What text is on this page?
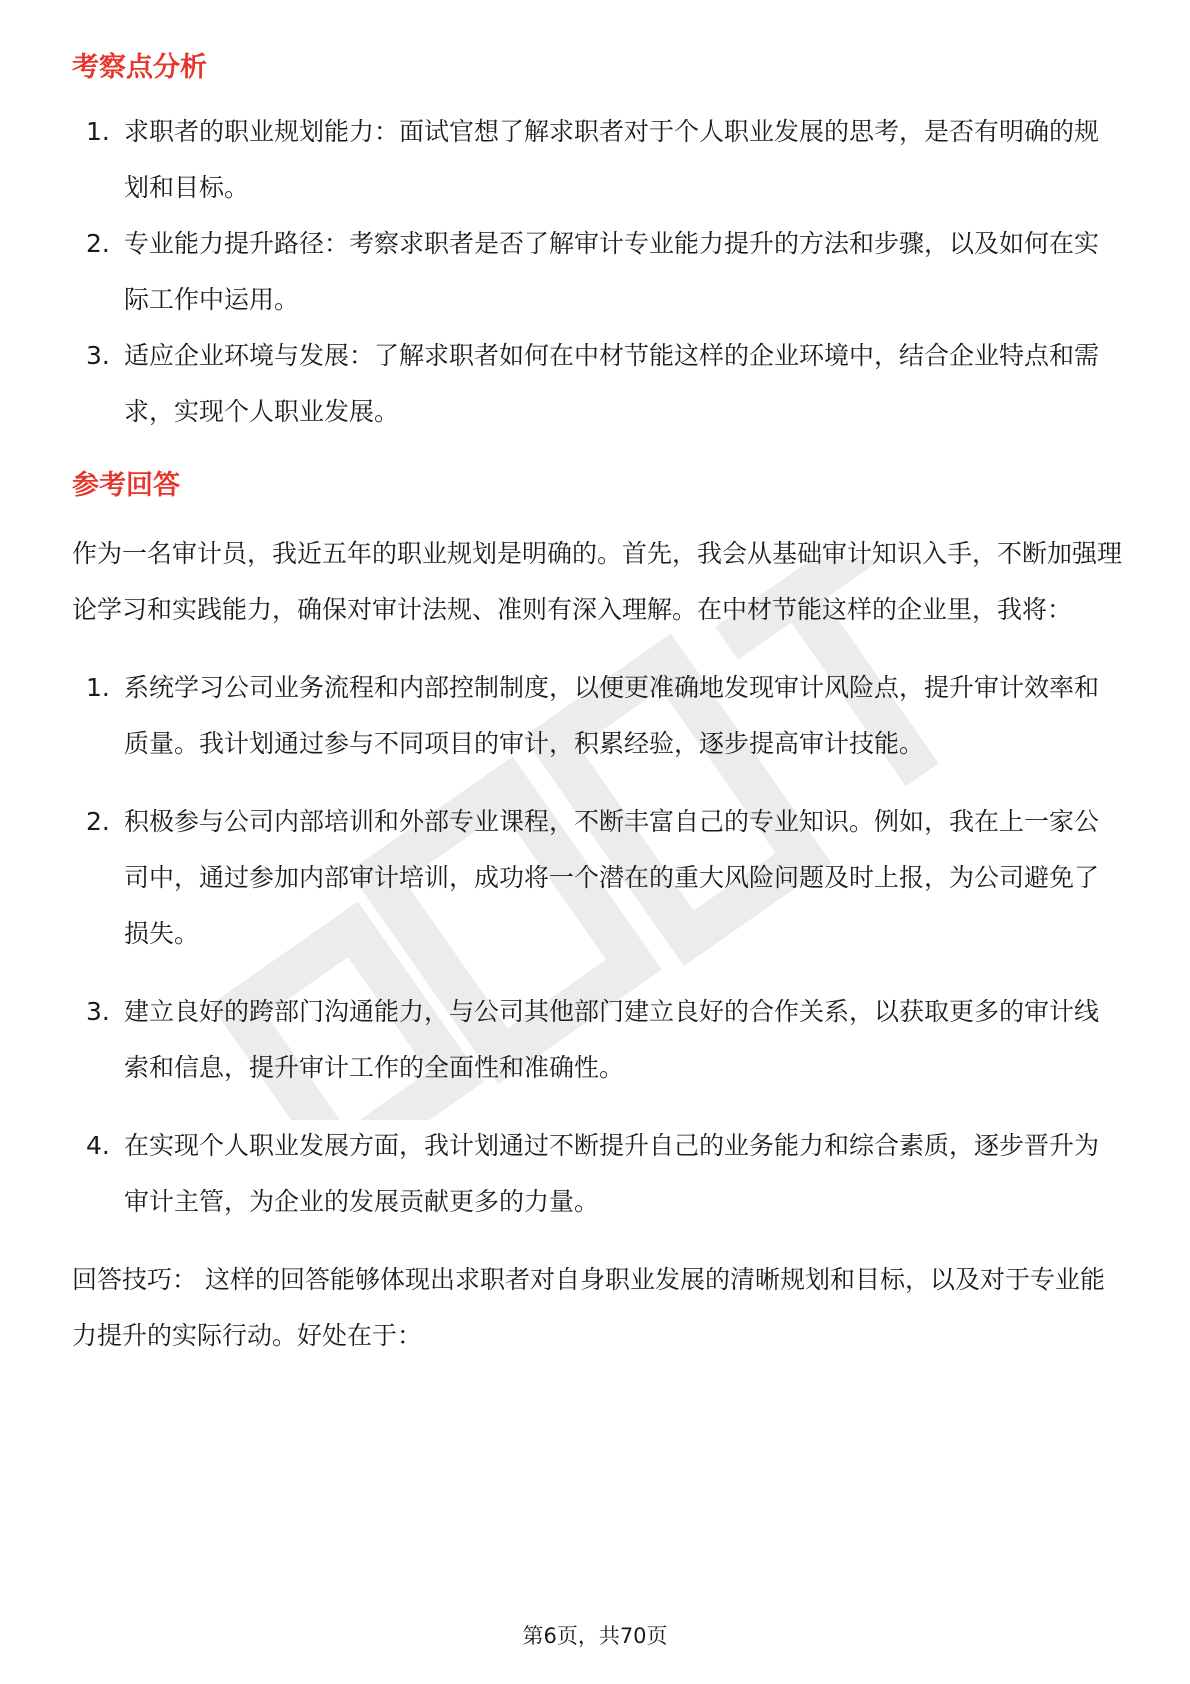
考察点分析
1. 求职者的职业规划能力：面试官想了解求职者对于个人职业发展的思考，是否有明确的规划和目标。
2. 专业能力提升路径：考察求职者是否了解审计专业能力提升的方法和步骤，以及如何在实际工作中运用。
3. 适应企业环境与发展：了解求职者如何在中材节能这样的企业环境中，结合企业特点和需求，实现个人职业发展。
参考回答

作为一名审计员，我近五年的职业规划是明确的。首先，我会从基础审计知识入手，不断加强理论学习和实践能力，确保对审计法规、准则有深入理解。在中材节能这样的企业里，我将：

1. 系统学习公司业务流程和内部控制制度，以便更准确地发现审计风险点，提升审计效率和质量。我计划通过参与不同项目的审计，积累经验，逐步提高审计技能。
2. 积极参与公司内部培训和外部专业课程，不断丰富自己的专业知识。例如，我在上一家公司中，通过参加内部审计培训，成功将一个潜在的重大风险问题及时上报，为公司避免了损失。
3. 建立良好的跨部门沟通能力，与公司其他部门建立良好的合作关系，以获取更多的审计线索和信息，提升审计工作的全面性和准确性。
4. 在实现个人职业发展方面，我计划通过不断提升自己的业务能力和综合素质，逐步晋升为审计主管，为企业的发展贡献更多的力量。

回答技巧： 这样的回答能够体现出求职者对自身职业发展的清晰规划和目标，以及对于专业能力提升的实际行动。好处在于：

第6页，共70页
